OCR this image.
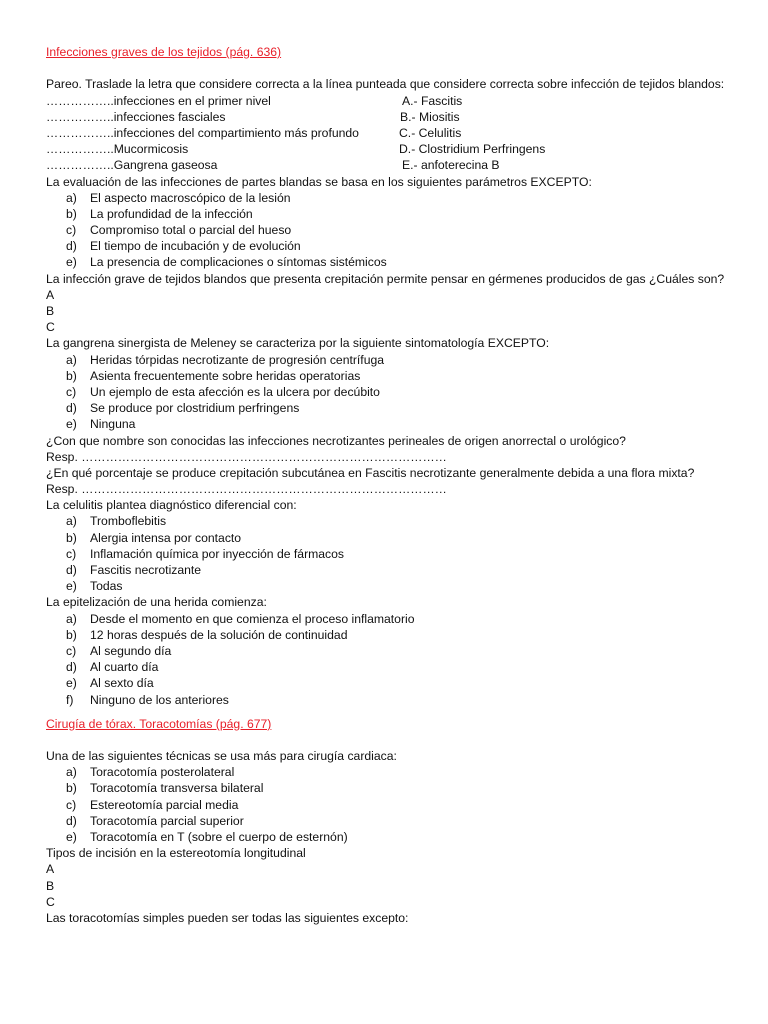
Infecciones graves de los tejidos (pág. 636)
Pareo. Traslade la letra que considere correcta a la línea punteada que considere correcta sobre infección de tejidos blandos:
……………..infecciones en el primer nivel	A.- Fascitis
……………..infecciones fasciales	B.- Miositis
……………..infecciones del compartimiento más profundo	C.- Celulitis
……………..Mucormicosis	D.- Clostridium Perfringens
……………..Gangrena gaseosa	E.- anfoterecina B
La evaluación de las infecciones de partes blandas se basa en los siguientes parámetros EXCEPTO:
a) El aspecto macroscópico de la lesión
b) La profundidad de la infección
c) Compromiso total o parcial del hueso
d) El tiempo de incubación y de evolución
e) La presencia de complicaciones o síntomas sistémicos
La infección grave de tejidos blandos que presenta crepitación permite pensar en gérmenes producidos de gas ¿Cuáles son?
A
B
C
La gangrena sinergista de Meleney se caracteriza por la siguiente sintomatología EXCEPTO:
a) Heridas tórpidas necrotizante de progresión centrífuga
b) Asienta frecuentemente sobre heridas operatorias
c) Un ejemplo de esta afección es la ulcera por decúbito
d) Se produce por clostridium perfringens
e) Ninguna
¿Con que nombre son conocidas las infecciones necrotizantes perineales de origen anorrectal o urológico?
Resp. ………………………………………………………………………………
¿En qué porcentaje se produce crepitación subcutánea en Fascitis necrotizante generalmente debida a una flora mixta?
Resp. ………………………………………………………………………………
La celulitis plantea diagnóstico diferencial con:
a) Tromboflebitis
b) Alergia intensa por contacto
c) Inflamación química por inyección de fármacos
d) Fascitis necrotizante
e) Todas
La epitelización de una herida comienza:
a) Desde el momento en que comienza el proceso inflamatorio
b) 12 horas después de la solución de continuidad
c) Al segundo día
d) Al cuarto día
e) Al sexto día
f) Ninguno de los anteriores
Cirugía de tórax. Toracotomías (pág. 677)
Una de las siguientes técnicas se usa más para cirugía cardiaca:
a) Toracotomía posterolateral
b) Toracotomía transversa bilateral
c) Estereotomía parcial media
d) Toracotomía parcial superior
e) Toracotomía en T (sobre el cuerpo de esternón)
Tipos de incisión en la estereotomía longitudinal
A
B
C
Las toracotomías simples pueden ser todas las siguientes excepto:
